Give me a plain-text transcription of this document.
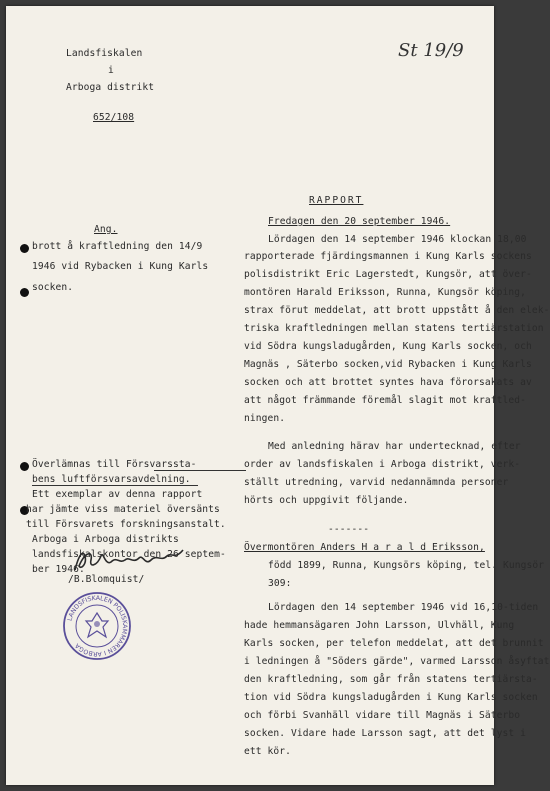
Landsfiskalen
i
Arboga distrikt
652/108
St 19/9
Ang.
brott å kraftledning den 14/9
1946 vid Rybacken i Kung Karls
socken.
Överlämnas till Försvarssta-
bens luftförsvarsavdelning.
Ett exemplar av denna rapport
har jämte viss materiel översänts
till Försvarets forskningsanstalt.
Arboga i Arboga distrikts
landsfiskalskontor den 26 septem-
ber 1946.
/B.Blomquist/
LANDSFISKALEN POLISKAMMAREN I ARBOGA
RAPPORT
Fredagen den 20 september 1946.
Lördagen den 14 september 1946 klockan 18,00
rapporterade fjärdingsmannen i Kung Karls sockens
polisdistrikt Eric Lagerstedt, Kungsör, att över-
montören Harald Eriksson, Runna, Kungsör köping,
strax förut meddelat, att brott uppstått å den elek-
triska kraftledningen mellan statens tertiärstation
vid Södra kungsladugården, Kung Karls socken, och
Magnäs , Säterbo socken,vid Rybacken i Kung Karls
socken och att brottet syntes hava förorsakats av
att något främmande föremål slagit mot kraftled-
ningen.
Med anledning härav har undertecknad, efter
order av landsfiskalen i Arboga distrikt, verk-
ställt utredning, varvid nedannämnda personer
hörts och uppgivit följande.
-------
Övermontören Anders H a r a l d Eriksson,
född 1899, Runna, Kungsörs köping, tel. Kungsör
309:
Lördagen den 14 september 1946 vid 16,10-tiden
hade hemmansägaren John Larsson, Ulvhäll, Kung
Karls socken, per telefon meddelat, att det brunnit
i ledningen å "Söders gärde", varmed Larsson åsyftat
den kraftledning, som går från statens tertiärsta-
tion vid Södra kungsladugården i Kung Karls socken
och förbi Svanhäll vidare till Magnäs i Säterbo
socken. Vidare hade Larsson sagt, att det lyst i
ett kör.
